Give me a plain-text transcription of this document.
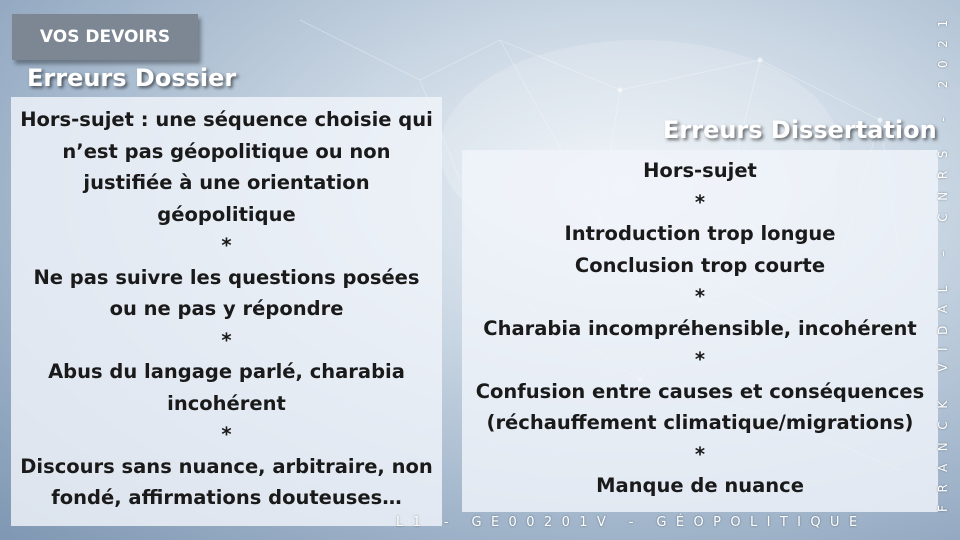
VOS DEVOIRS
Erreurs Dossier
Erreurs Dissertation
Hors-sujet : une séquence choisie qui
n’est pas géopolitique ou non
justifiée à une orientation
géopolitique
*
Ne pas suivre les questions posées
ou ne pas y répondre
*
Abus du langage parlé, charabia
incohérent
*
Discours sans nuance, arbitraire, non
fondé, affirmations douteuses…
Hors-sujet
*
Introduction trop longue
Conclusion trop courte
*
Charabia incompréhensible, incohérent
*
Confusion entre causes et conséquences
(réchauffement climatique/migrations)
*
Manque de nuance
L1 - GE00201V - GÉOPOLITIQUE
FRANCK VIDAL – CNRS - 2021
